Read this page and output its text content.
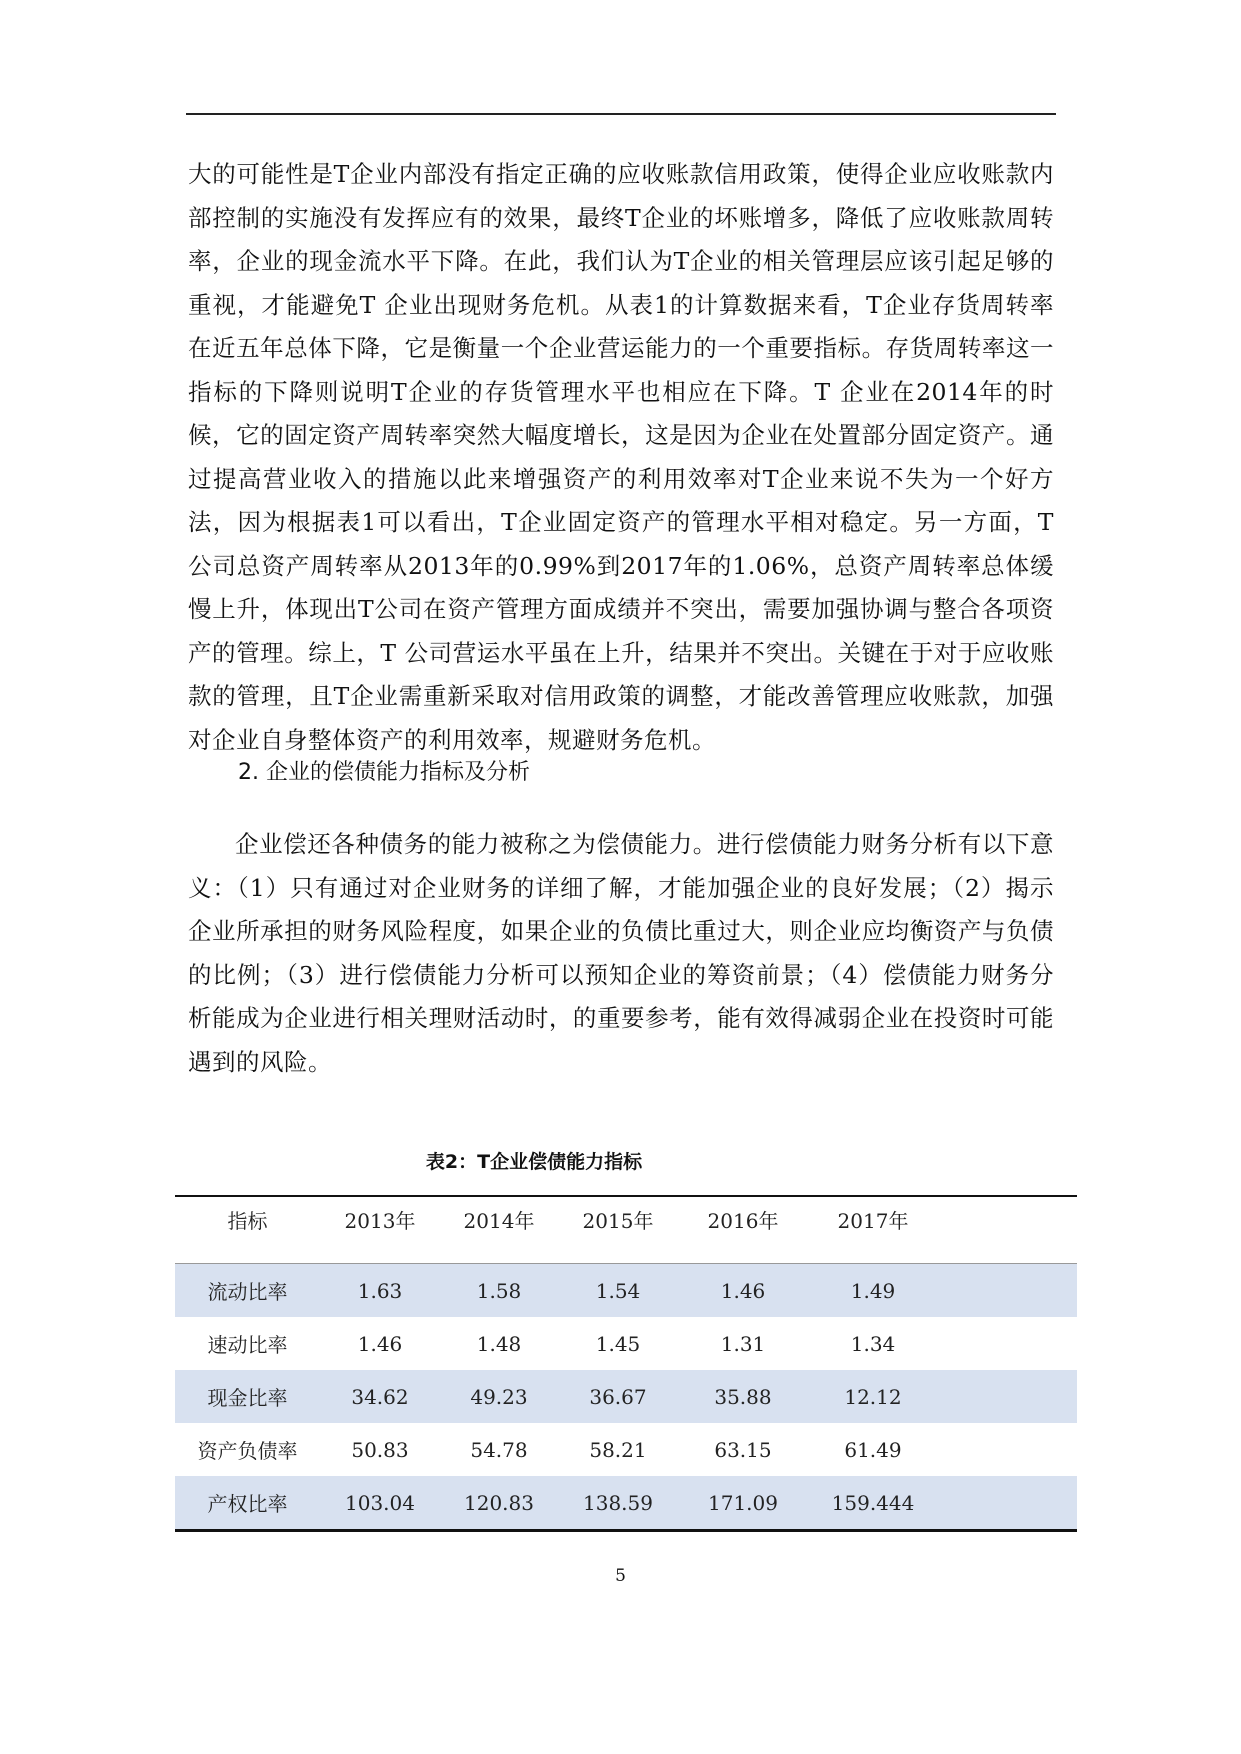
大的可能性是T企业内部没有指定正确的应收账款信用政策，使得企业应收账款内部控制的实施没有发挥应有的效果，最终T企业的坏账增多，降低了应收账款周转率，企业的现金流水平下降。在此，我们认为T企业的相关管理层应该引起足够的重视，才能避免T 企业出现财务危机。从表1的计算数据来看，T企业存货周转率在近五年总体下降，它是衡量一个企业营运能力的一个重要指标。存货周转率这一指标的下降则说明T企业的存货管理水平也相应在下降。T 企业在2014年的时候，它的固定资产周转率突然大幅度增长，这是因为企业在处置部分固定资产。通过提高营业收入的措施以此来增强资产的利用效率对T企业来说不失为一个好方法，因为根据表1可以看出，T企业固定资产的管理水平相对稳定。另一方面，T 公司总资产周转率从2013年的0.99%到2017年的1.06%，总资产周转率总体缓慢上升，体现出T公司在资产管理方面成绩并不突出，需要加强协调与整合各项资产的管理。综上，T 公司营运水平虽在上升，结果并不突出。关键在于对于应收账款的管理，且T企业需重新采取对信用政策的调整，才能改善管理应收账款，加强对企业自身整体资产的利用效率，规避财务危机。

2. 企业的偿债能力指标及分析

企业偿还各种债务的能力被称之为偿债能力。进行偿债能力财务分析有以下意义：（1）只有通过对企业财务的详细了解，才能加强企业的良好发展；（2）揭示企业所承担的财务风险程度，如果企业的负债比重过大，则企业应均衡资产与负债的比例；（3）进行偿债能力分析可以预知企业的筹资前景；（4）偿债能力财务分析能成为企业进行相关理财活动时，的重要参考，能有效得减弱企业在投资时可能遇到的风险。

表2：T企业偿债能力指标

指标	2013年	2014年	2015年	2016年	2017年	
流动比率	1.63	1.58	1.54	1.46	1.49	
速动比率	1.46	1.48	1.45	1.31	1.34	
现金比率	34.62	49.23	36.67	35.88	12.12	
资产负债率	50.83	54.78	58.21	63.15	61.49	
产权比率	103.04	120.83	138.59	171.09	159.444	

5
